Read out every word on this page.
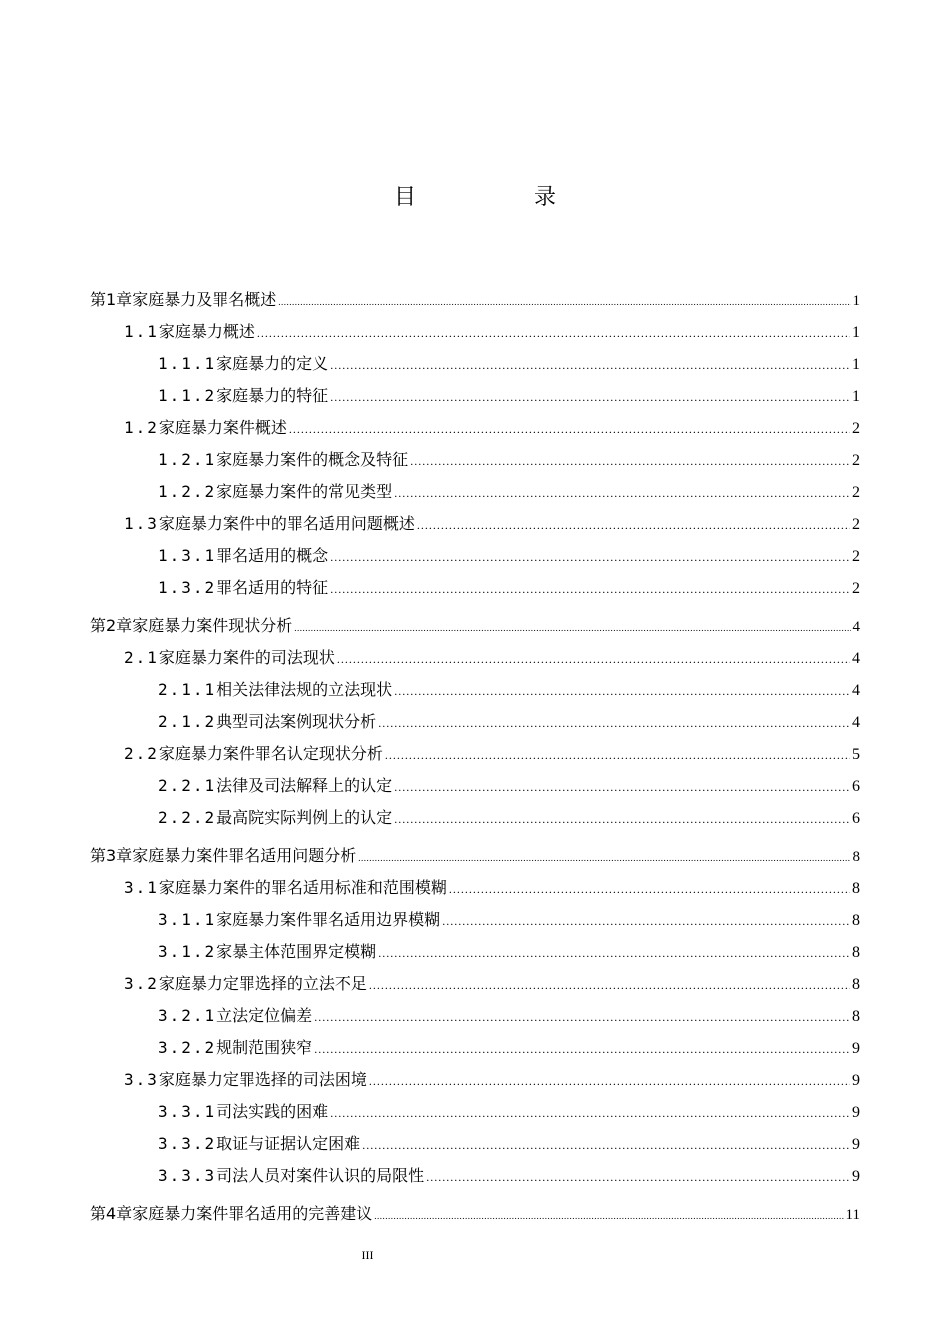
目　录
第1章 家庭暴力及罪名概述 .....	1
1.1 家庭暴力概述 .....	1
1.1.1 家庭暴力的定义 .....	1
1.1.2 家庭暴力的特征 .....	1
1.2 家庭暴力案件概述 .....	2
1.2.1 家庭暴力案件的概念及特征 .....	2
1.2.2 家庭暴力案件的常见类型 .....	2
1.3 家庭暴力案件中的罪名适用问题概述 .....	2
1.3.1 罪名适用的概念 .....	2
1.3.2 罪名适用的特征 .....	2
第2章 家庭暴力案件现状分析 .....	4
2.1 家庭暴力案件的司法现状 .....	4
2.1.1 相关法律法规的立法现状 .....	4
2.1.2 典型司法案例现状分析 .....	4
2.2 家庭暴力案件罪名认定现状分析 .....	5
2.2.1 法律及司法解释上的认定 .....	6
2.2.2 最高院实际判例上的认定 .....	6
第3章 家庭暴力案件罪名适用问题分析 .....	8
3.1 家庭暴力案件的罪名适用标准和范围模糊 .....	8
3.1.1 家庭暴力案件罪名适用边界模糊 .....	8
3.1.2 家暴主体范围界定模糊 .....	8
3.2 家庭暴力定罪选择的立法不足 .....	8
3.2.1 立法定位偏差 .....	8
3.2.2 规制范围狭窄 .....	9
3.3 家庭暴力定罪选择的司法困境 .....	9
3.3.1 司法实践的困难 .....	9
3.3.2 取证与证据认定困难 .....	9
3.3.3 司法人员对案件认识的局限性 .....	9
第4章 家庭暴力案件罪名适用的完善建议 .....	11
III
